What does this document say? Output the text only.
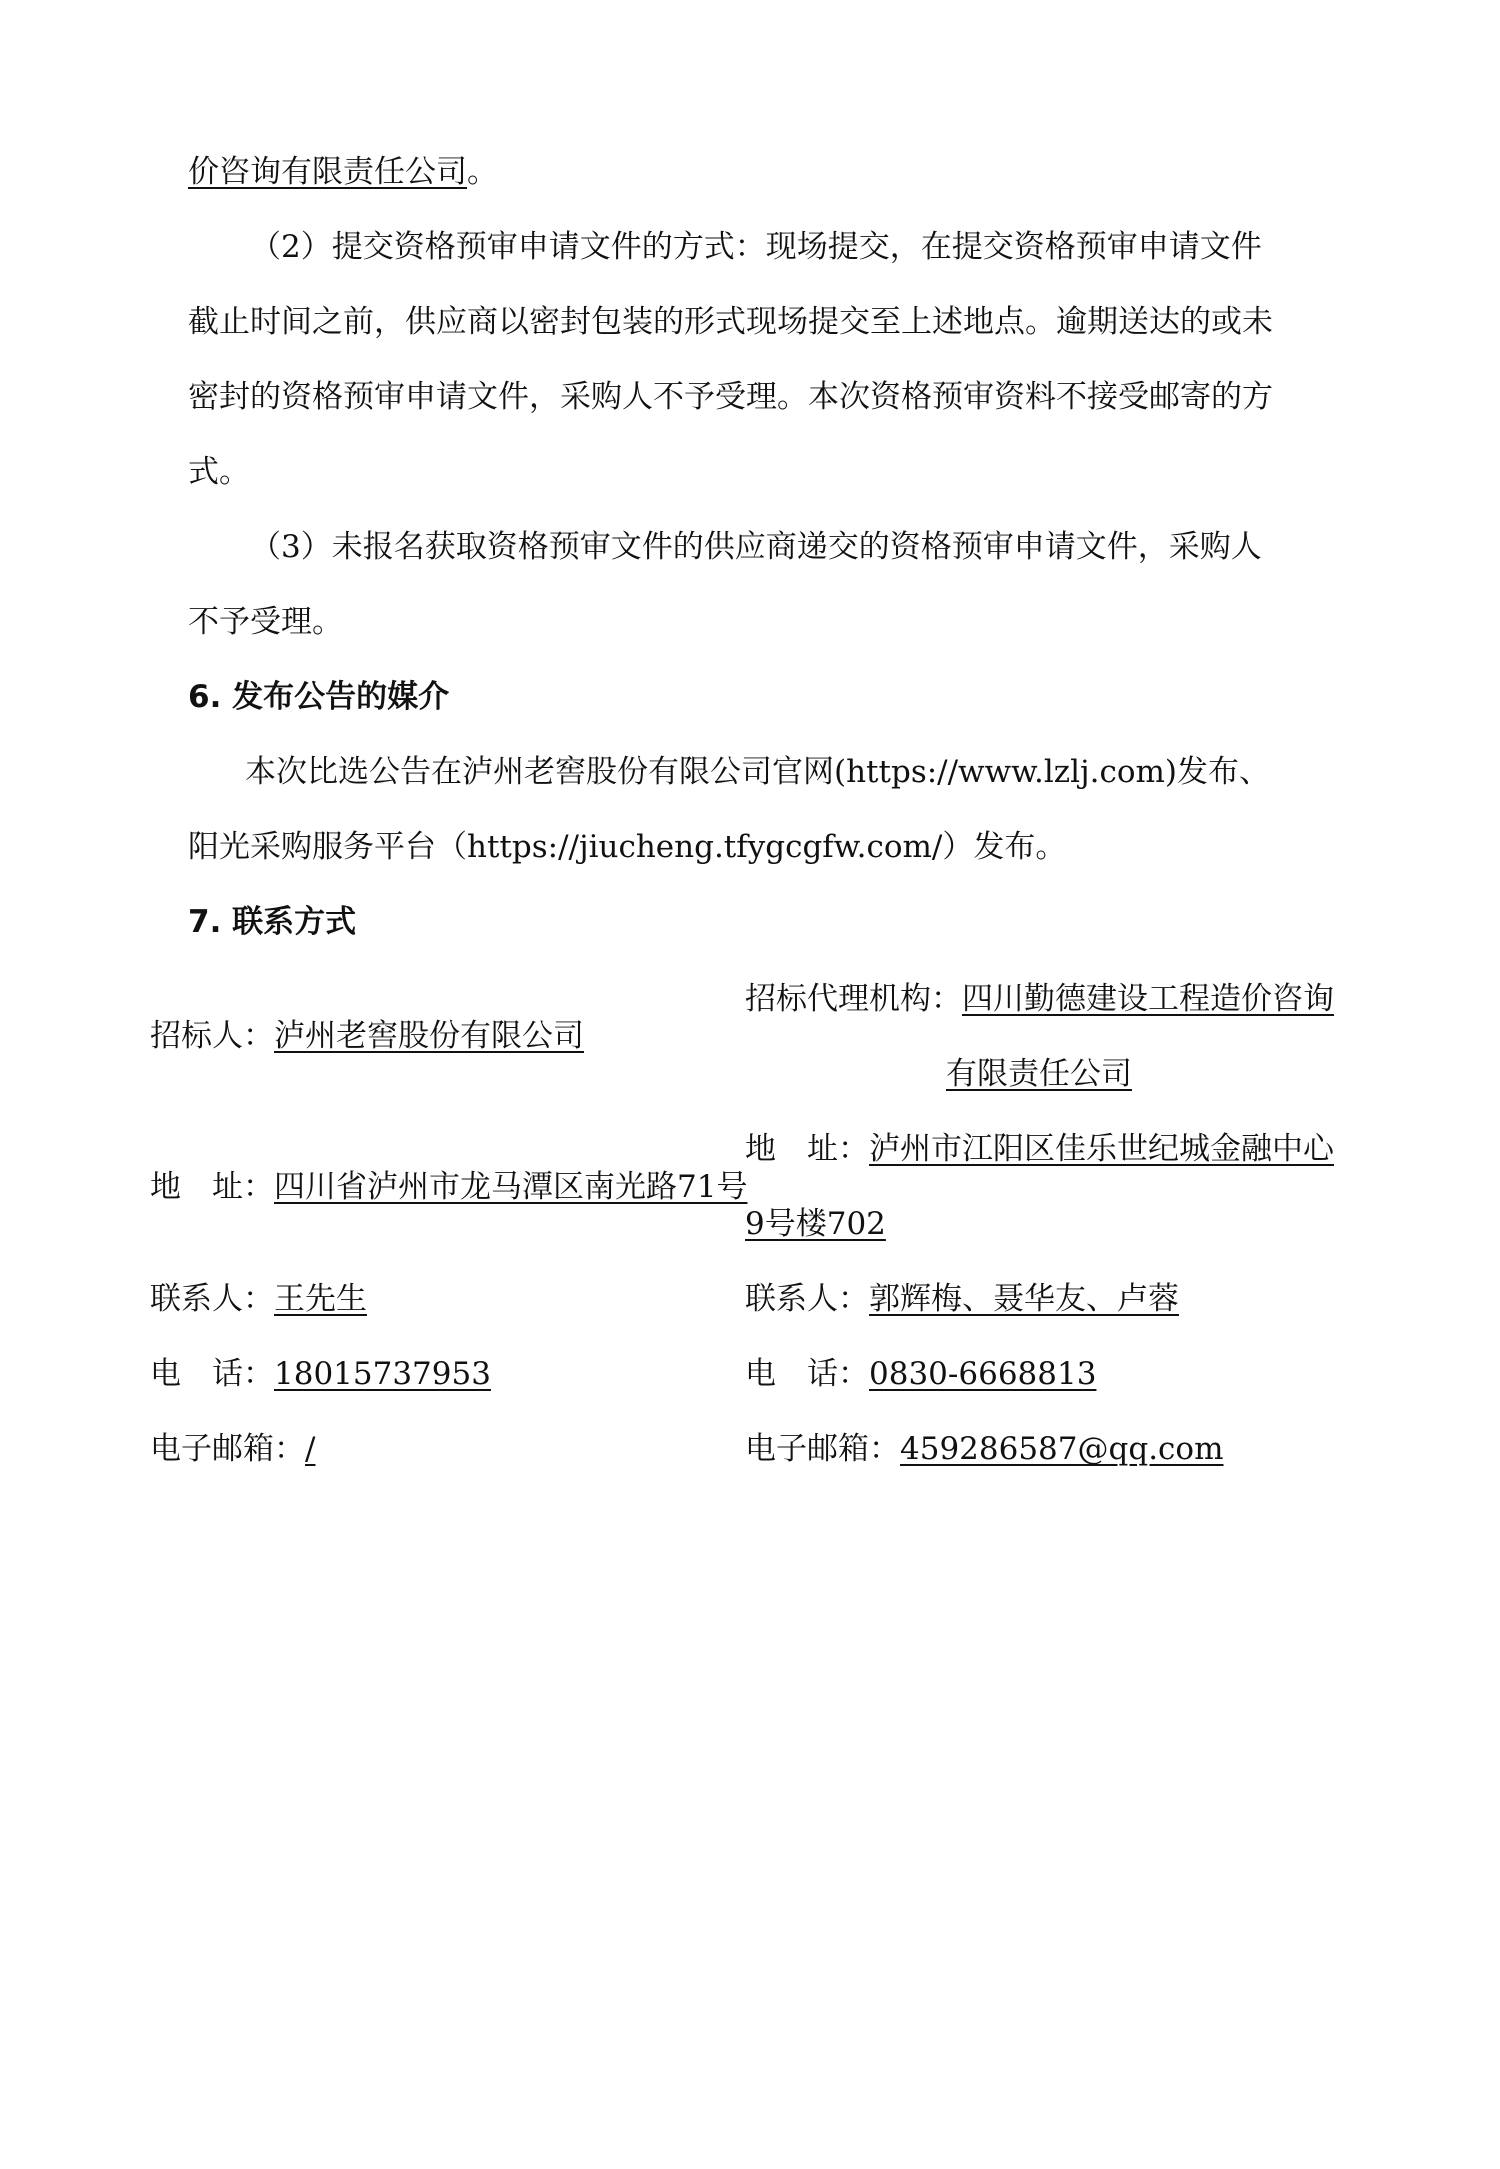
价咨询有限责任公司。
（2）提交资格预审申请文件的方式：现场提交，在提交资格预审申请文件
截止时间之前，供应商以密封包装的形式现场提交至上述地点。逾期送达的或未
密封的资格预审申请文件，采购人不予受理。本次资格预审资料不接受邮寄的方
式。
（3）未报名获取资格预审文件的供应商递交的资格预审申请文件，采购人
不予受理。
6. 发布公告的媒介
本次比选公告在泸州老窖股份有限公司官网(https://www.lzlj.com)发布、
阳光采购服务平台（https://jiucheng.tfygcgfw.com/）发布。
7. 联系方式
招标人：泸州老窖股份有限公司
地 址：四川省泸州市龙马潭区南光路71号
联系人：王先生
电 话：18015737953
电子邮箱：/
招标代理机构：四川勤德建设工程造价咨询
有限责任公司
地 址：泸州市江阳区佳乐世纪城金融中心
9号楼702
联系人：郭辉梅、聂华友、卢蓉
电 话：0830-6668813
电子邮箱：459286587@qq.com
